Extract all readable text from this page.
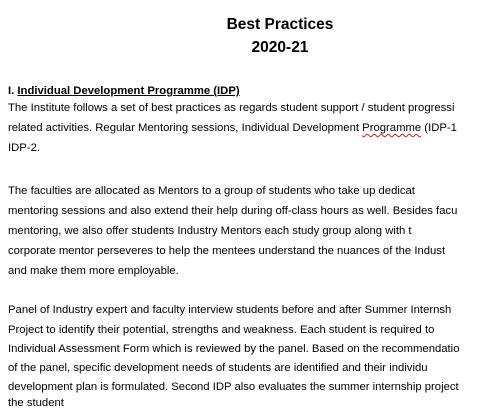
Best Practices
2020-21
I. Individual Development Programme (IDP)
The Institute follows a set of best practices as regards student support / student progressi
related activities. Regular Mentoring sessions, Individual Development Programme (IDP-1
IDP-2.
The faculties are allocated as Mentors to a group of students who take up dedicat
mentoring sessions and also extend their help during off-class hours as well. Besides facu
mentoring, we also offer students Industry Mentors each study group along with t
corporate mentor perseveres to help the mentees understand the nuances of the Indust
and make them more employable.
Panel of Industry expert and faculty interview students before and after Summer Internsh
Project to identify their potential, strengths and weakness. Each student is required to
Individual Assessment Form which is reviewed by the panel. Based on the recommendatio
of the panel, specific development needs of students are identified and their individu
development plan is formulated. Second IDP also evaluates the summer internship project
the student
